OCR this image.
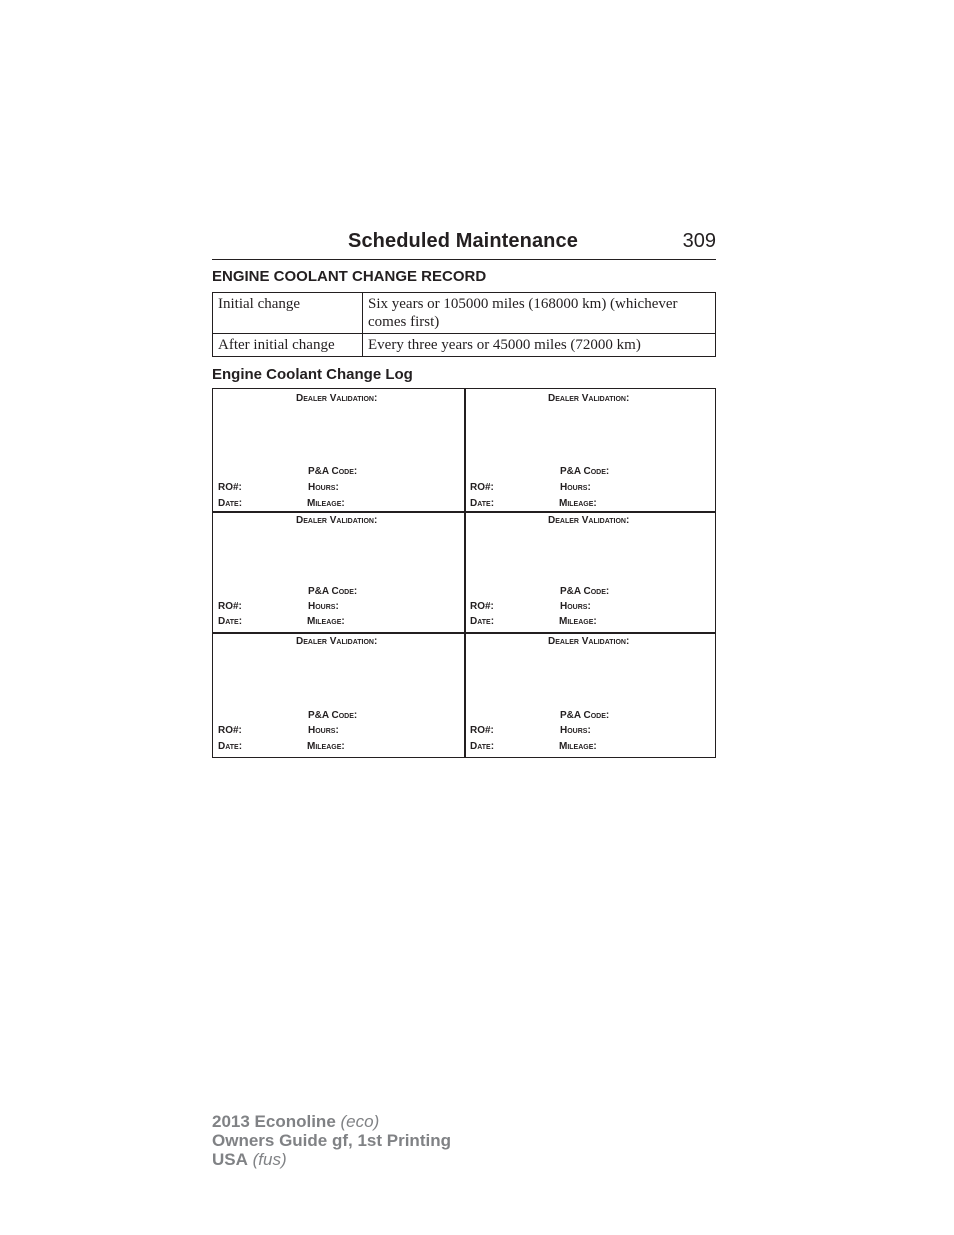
Scheduled Maintenance	309
ENGINE COOLANT CHANGE RECORD
Initial change	Six years or 105000 miles (168000 km) (whichever comes first)
After initial change	Every three years or 45000 miles (72000 km)
Engine Coolant Change Log
Dealer Validation:
P&A Code:
RO#:	Hours:
Date:	Mileage:
Dealer Validation:
P&A Code:
RO#:	Hours:
Date:	Mileage:
Dealer Validation:
P&A Code:
RO#:	Hours:
Date:	Mileage:
Dealer Validation:
P&A Code:
RO#:	Hours:
Date:	Mileage:
Dealer Validation:
P&A Code:
RO#:	Hours:
Date:	Mileage:
Dealer Validation:
P&A Code:
RO#:	Hours:
Date:	Mileage:
2013 Econoline (eco)
Owners Guide gf, 1st Printing
USA (fus)
